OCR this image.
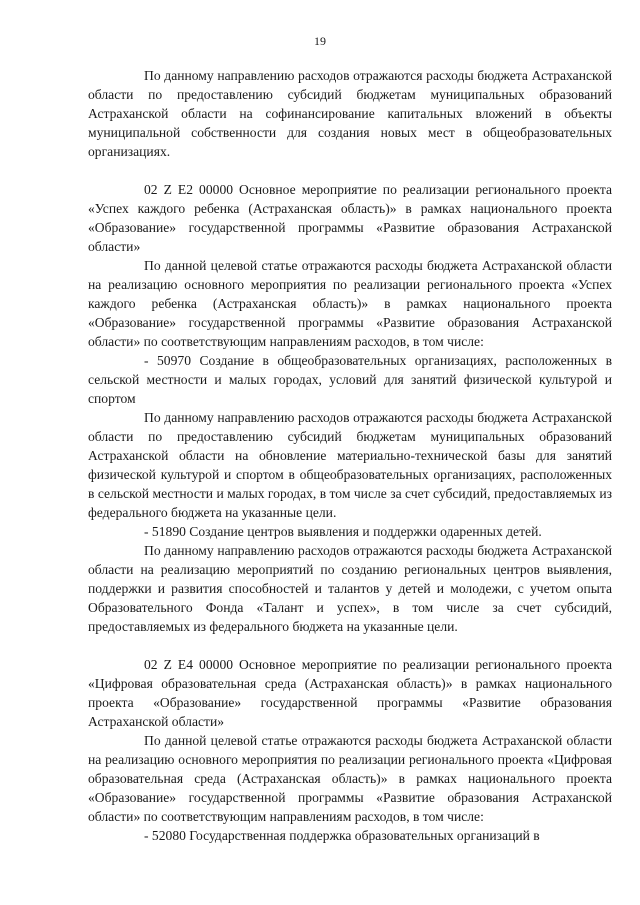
19

По данному направлению расходов отражаются расходы бюджета Астраханской области по предоставлению субсидий бюджетам муниципальных образований Астраханской области на софинансирование капитальных вложений в объекты муниципальной собственности для создания новых мест в общеобразовательных организациях.

02 Z E2 00000 Основное мероприятие по реализации регионального проекта «Успех каждого ребенка (Астраханская область)» в рамках национального проекта «Образование» государственной программы «Развитие образования Астраханской области»

По данной целевой статье отражаются расходы бюджета Астраханской области на реализацию основного мероприятия по реализации регионального проекта «Успех каждого ребенка (Астраханская область)» в рамках национального проекта «Образование» государственной программы «Развитие образования Астраханской области» по соответствующим направлениям расходов, в том числе:

- 50970 Создание в общеобразовательных организациях, расположенных в сельской местности и малых городах, условий для занятий физической культурой и спортом

По данному направлению расходов отражаются расходы бюджета Астраханской области по предоставлению субсидий бюджетам муниципальных образований Астраханской области на обновление материально-технической базы для занятий физической культурой и спортом в общеобразовательных организациях, расположенных в сельской местности и малых городах, в том числе за счет субсидий, предоставляемых из федерального бюджета на указанные цели.

- 51890 Создание центров выявления и поддержки одаренных детей.

По данному направлению расходов отражаются расходы бюджета Астраханской области на реализацию мероприятий по созданию региональных центров выявления, поддержки и развития способностей и талантов у детей и молодежи, с учетом опыта Образовательного Фонда «Талант и успех», в том числе за счет субсидий, предоставляемых из федерального бюджета на указанные цели.

02 Z E4 00000 Основное мероприятие по реализации регионального проекта «Цифровая образовательная среда (Астраханская область)» в рамках национального проекта «Образование» государственной программы «Развитие образования Астраханской области»

По данной целевой статье отражаются расходы бюджета Астраханской области на реализацию основного мероприятия по реализации регионального проекта «Цифровая образовательная среда (Астраханская область)» в рамках национального проекта «Образование» государственной программы «Развитие образования Астраханской области» по соответствующим направлениям расходов, в том числе:

- 52080 Государственная поддержка образовательных организаций в
